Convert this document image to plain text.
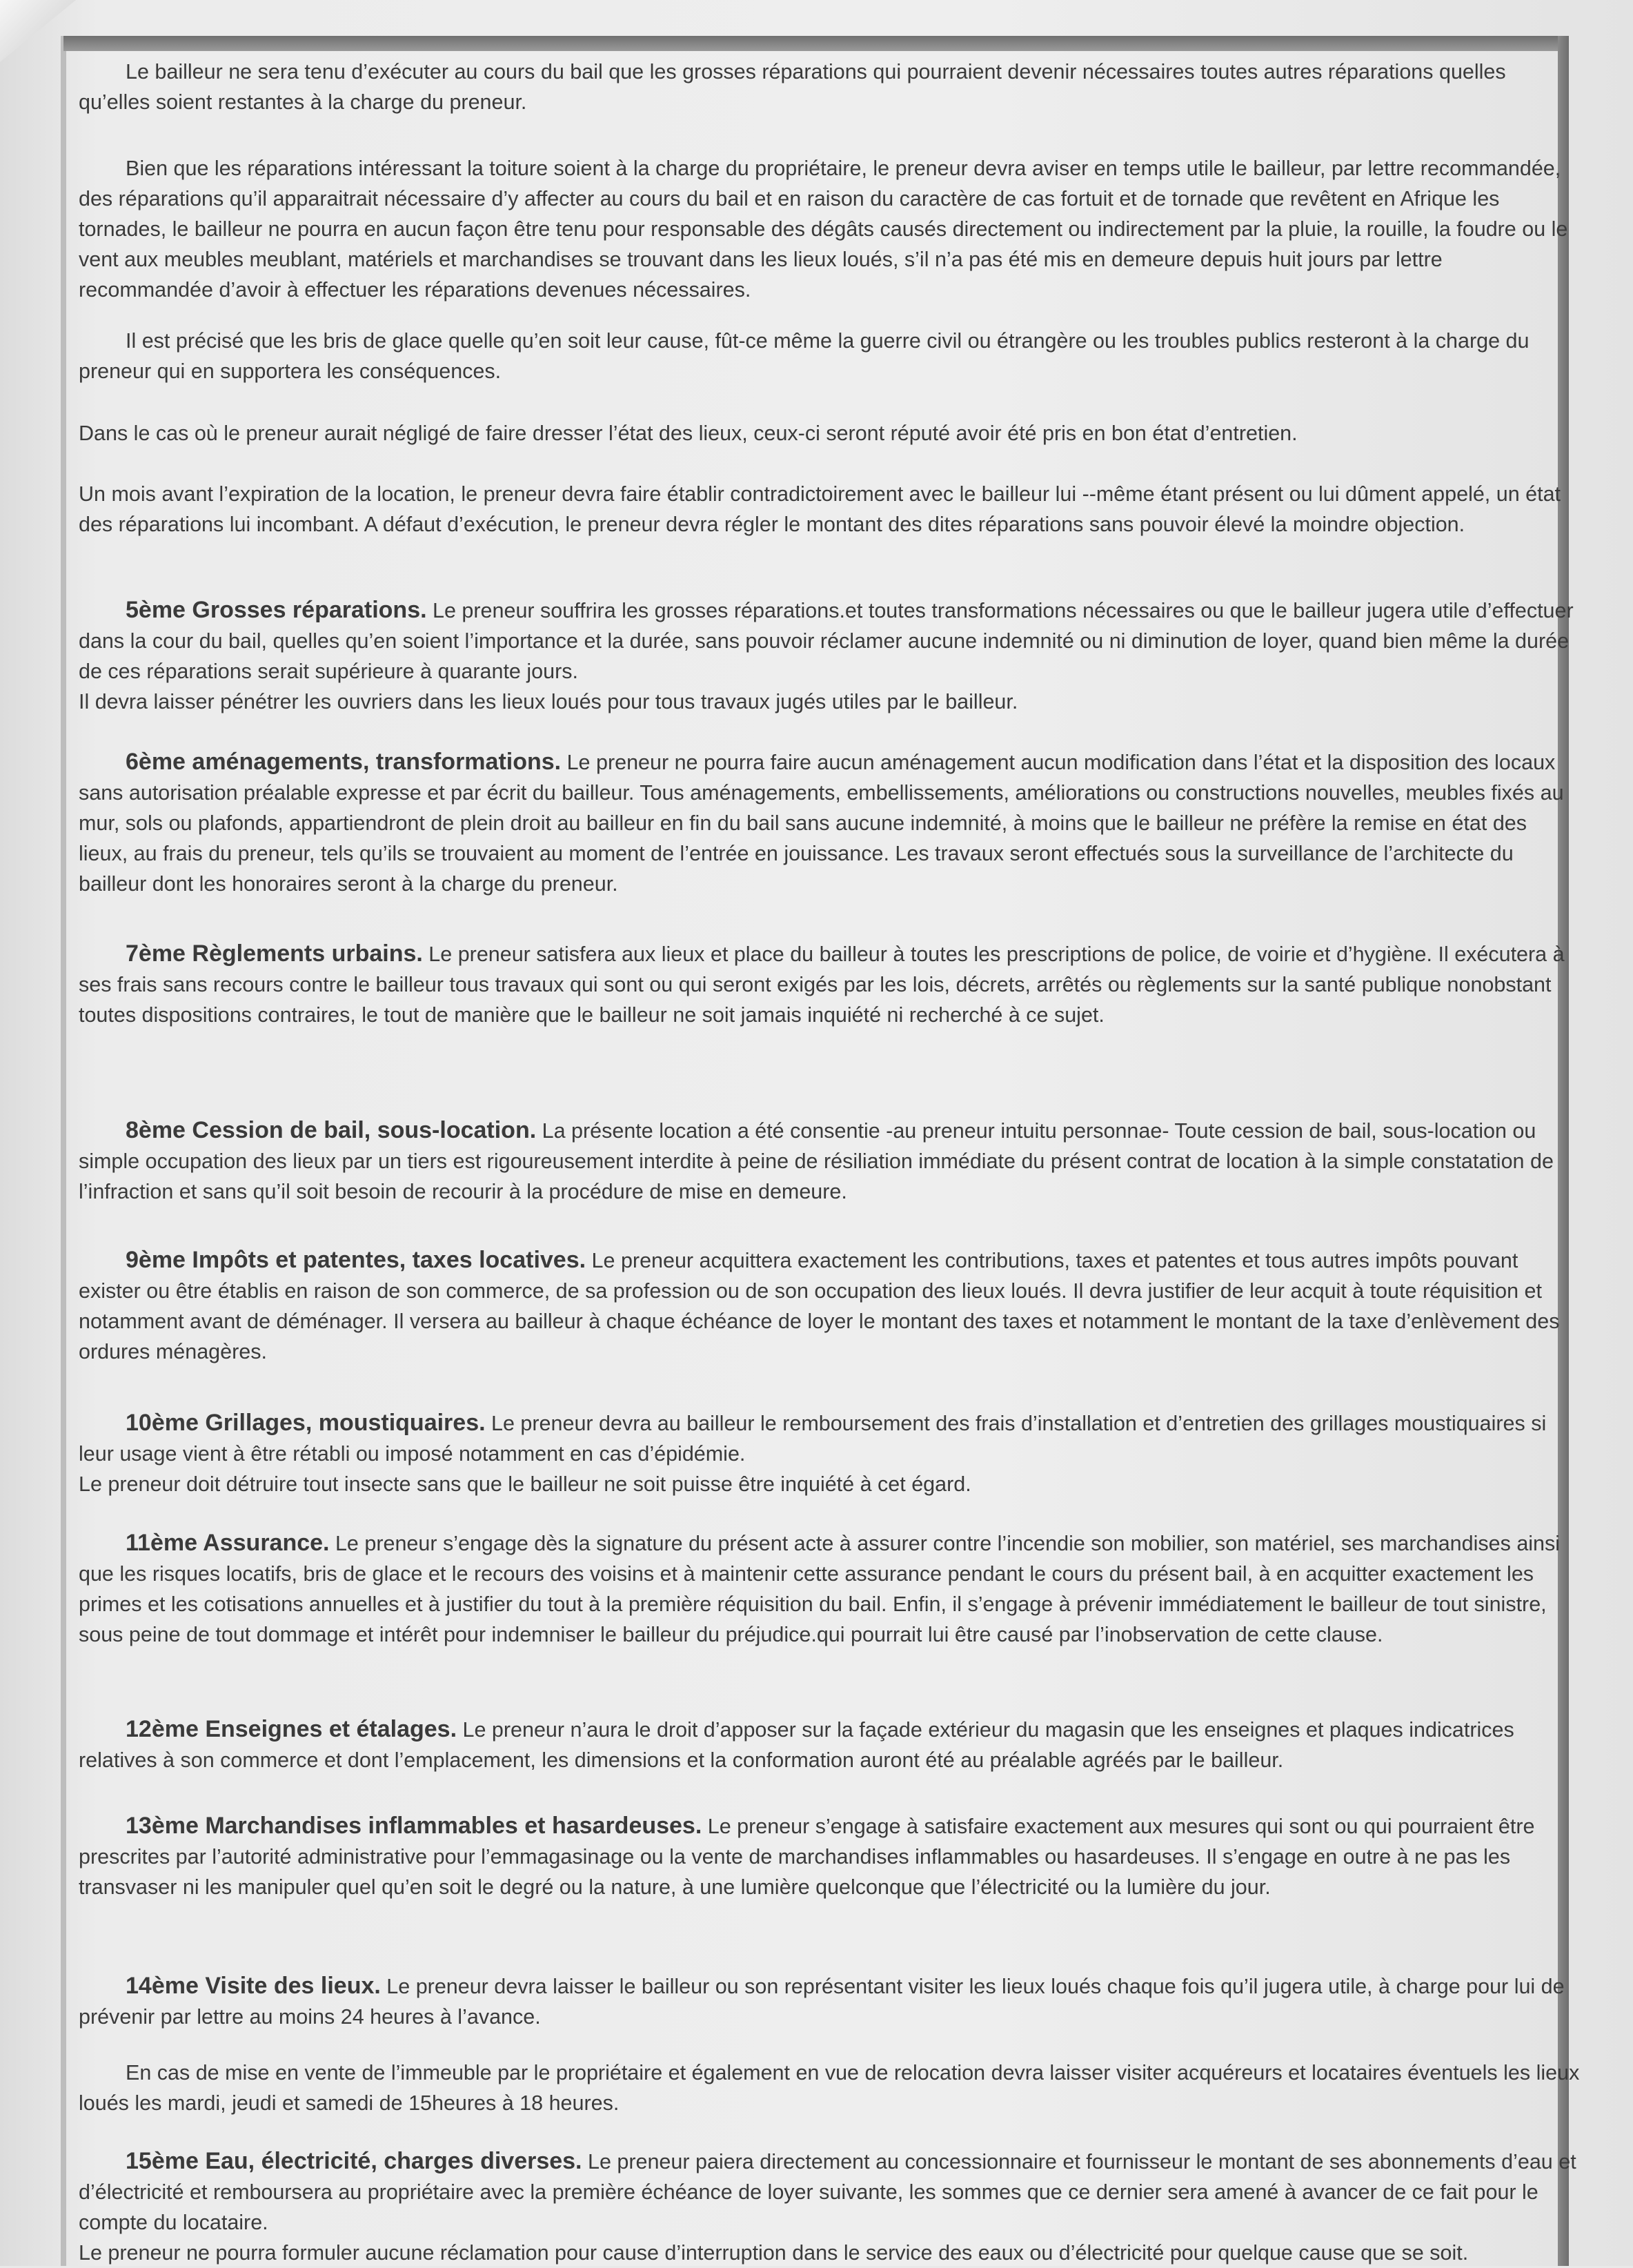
Le bailleur ne sera tenu d’exécuter au cours du bail que les grosses réparations qui pourraient devenir nécessaires toutes autres réparations quelles qu’elles soient restantes à la charge du preneur.

Bien que les réparations intéressant la toiture soient à la charge du propriétaire, le preneur devra aviser en temps utile le bailleur, par lettre recommandée, des réparations qu’il apparaitrait nécessaire d’y affecter au cours du bail et en raison du caractère de cas fortuit et de tornade que revêtent en Afrique les tornades, le bailleur ne pourra en aucun façon être tenu pour responsable des dégâts causés directement ou indirectement par la pluie, la rouille, la foudre ou le vent aux meubles meublant, matériels et marchandises se trouvant dans les lieux loués, s’il n’a pas été mis en demeure depuis huit jours par lettre recommandée d’avoir à effectuer les réparations devenues nécessaires.

Il est précisé que les bris de glace quelle qu’en soit leur cause, fût-ce même la guerre civil ou étrangère ou les troubles publics resteront à la charge du preneur qui en supportera les conséquences.

Dans le cas où le preneur aurait négligé de faire dresser l’état des lieux, ceux-ci seront réputé avoir été pris en bon état d’entretien.

Un mois avant l’expiration de la location, le preneur devra faire établir contradictoirement avec le bailleur lui --même étant présent ou lui dûment appelé, un état des réparations lui incombant. A défaut d’exécution, le preneur devra régler le montant des dites réparations sans pouvoir élevé la moindre objection.

5ème Grosses réparations. Le preneur souffrira les grosses réparations.et toutes transformations nécessaires ou que le bailleur jugera utile d’effectuer dans la cour du bail, quelles qu’en soient l’importance et la durée, sans pouvoir réclamer aucune indemnité ou ni diminution de loyer, quand bien même la durée de ces réparations serait supérieure à quarante jours.

Il devra laisser pénétrer les ouvriers dans les lieux loués pour tous travaux jugés utiles par le bailleur.

6ème aménagements, transformations. Le preneur ne pourra faire aucun aménagement aucun modification dans l’état et la disposition des locaux sans autorisation préalable expresse et par écrit du bailleur. Tous aménagements, embellissements, améliorations ou constructions nouvelles, meubles fixés au mur, sols ou plafonds, appartiendront de plein droit au bailleur en fin du bail sans aucune indemnité, à moins que le bailleur ne préfère la remise en état des lieux, au frais du preneur, tels qu’ils se trouvaient au moment de l’entrée en jouissance. Les travaux seront effectués sous la surveillance de l’architecte du bailleur dont les honoraires seront à la charge du preneur.

7ème Règlements urbains. Le preneur satisfera aux lieux et place du bailleur à toutes les prescriptions de police, de voirie et d’hygiène. Il exécutera à ses frais sans recours contre le bailleur tous travaux qui sont ou qui seront exigés par les lois, décrets, arrêtés ou règlements sur la santé publique nonobstant toutes dispositions contraires, le tout de manière que le bailleur ne soit jamais inquiété ni recherché à ce sujet.

8ème Cession de bail, sous-location. La présente location a été consentie -au preneur intuitu personnae- Toute cession de bail, sous-location ou simple occupation des lieux par un tiers est rigoureusement interdite à peine de résiliation immédiate du présent contrat de location à la simple constatation de l’infraction et sans qu’il soit besoin de recourir à la procédure de mise en demeure.

9ème Impôts et patentes, taxes locatives. Le preneur acquittera exactement les contributions, taxes et patentes et tous autres impôts pouvant exister ou être établis en raison de son commerce, de sa profession ou de son occupation des lieux loués. Il devra justifier de leur acquit à toute réquisition et notamment avant de déménager. Il versera au bailleur à chaque échéance de loyer le montant des taxes et notamment le montant de la taxe d’enlèvement des ordures ménagères.

10ème Grillages, moustiquaires. Le preneur devra au bailleur le remboursement des frais d’installation et d’entretien des grillages moustiquaires si leur usage vient à être rétabli ou imposé notamment en cas d’épidémie.

Le preneur doit détruire tout insecte sans que le bailleur ne soit puisse être inquiété à cet égard.

11ème Assurance. Le preneur s’engage dès la signature du présent acte à assurer contre l’incendie son mobilier, son matériel, ses marchandises ainsi que les risques locatifs, bris de glace et le recours des voisins et à maintenir cette assurance pendant le cours du présent bail, à en acquitter exactement les primes et les cotisations annuelles et à justifier du tout à la première réquisition du bail. Enfin, il s’engage à prévenir immédiatement le bailleur de tout sinistre, sous peine de tout dommage et intérêt pour indemniser le bailleur du préjudice.qui pourrait lui être causé par l’inobservation de cette clause.

12ème Enseignes et étalages. Le preneur n’aura le droit d’apposer sur la façade extérieur du magasin que les enseignes et plaques indicatrices relatives à son commerce et dont l’emplacement, les dimensions et la conformation auront été au préalable agréés par le bailleur.

13ème Marchandises inflammables et hasardeuses. Le preneur s’engage à satisfaire exactement aux mesures qui sont ou qui pourraient être prescrites par l’autorité administrative pour l’emmagasinage ou la vente de marchandises inflammables ou hasardeuses. Il s’engage en outre à ne pas les transvaser ni les manipuler quel qu’en soit le degré ou la nature, à une lumière quelconque que l’électricité ou la lumière du jour.

14ème Visite des lieux. Le preneur devra laisser le bailleur ou son représentant visiter les lieux loués chaque fois qu’il jugera utile, à charge pour lui de prévenir par lettre au moins 24 heures à l’avance.

En cas de mise en vente de l’immeuble par le propriétaire et également en vue de relocation devra laisser visiter acquéreurs et locataires éventuels les lieux loués les mardi, jeudi et samedi de 15heures à 18 heures.

15ème Eau, électricité, charges diverses. Le preneur paiera directement au concessionnaire et fournisseur le montant de ses abonnements d’eau et d’électricité et remboursera au propriétaire avec la première échéance de loyer suivante, les sommes que ce dernier sera amené à avancer de ce fait pour le compte du locataire.

Le preneur ne pourra formuler aucune réclamation pour cause d’interruption dans le service des eaux ou d’électricité pour quelque cause que se soit.
